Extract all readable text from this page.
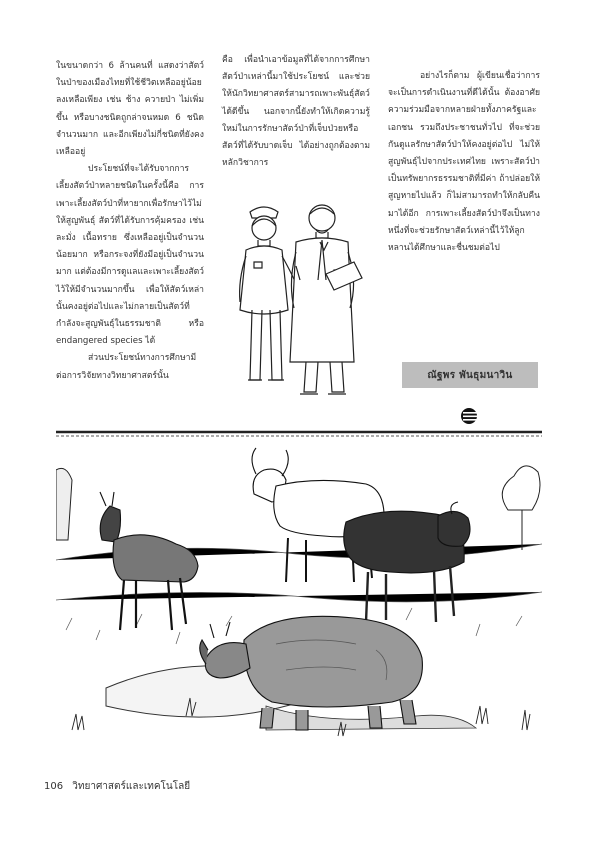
ในขนาดกว่า 6 ล้านคนที่ แสดงว่าสัตว์ในป่าของเมืองไทยที่ใช้ชีวิตเหลืออยู่น้อยลงเหลือเพียง เช่น ช้าง ควายป่า ไม่เพิ่มขึ้น หรือบางชนิดถูกล่าจนหมด 6 ชนิด จำนวนมาก และอีกเพียงไม่กี่ชนิดที่ยังคงเหลืออยู่

ประโยชน์ที่จะได้รับจากการเลี้ยงสัตว์ป่าหลายชนิดในครั้งนี้คือ การเพาะเลี้ยงสัตว์ป่าที่หายากเพื่อรักษาไว้ไม่ให้สูญพันธุ์ สัตว์ที่ได้รับการคุ้มครอง เช่น ละมั่ง เนื้อทราย ซึ่งเหลืออยู่เป็นจำนวนน้อยมาก หรือกระจงที่ยังมีอยู่เป็นจำนวนมาก แต่ต้องมีการดูแลและเพาะเลี้ยงสัตว์ไว้ให้มีจำนวนมากขึ้น เพื่อให้สัตว์เหล่านั้นคงอยู่ต่อไปและไม่กลายเป็นสัตว์ที่กำลังจะสูญพันธุ์ในธรรมชาติ หรือ endangered species ได้

ส่วนประโยชน์ทางการศึกษามีต่อการวิจัยทางวิทยาศาสตร์นั้น

คือ เพื่อนำเอาข้อมูลที่ได้จากการศึกษาสัตว์ป่าเหล่านี้มาใช้ประโยชน์ และช่วยให้นักวิทยาศาสตร์สามารถเพาะพันธุ์สัตว์ได้ดีขึ้น นอกจากนี้ยังทำให้เกิดความรู้ใหม่ในการรักษาสัตว์ป่าที่เจ็บป่วยหรือสัตว์ที่ได้รับบาดเจ็บ ได้อย่างถูกต้องตามหลักวิชาการ

อย่างไรก็ตาม ผู้เขียนเชื่อว่าการจะเป็นการดำเนินงานที่ดีได้นั้น ต้องอาศัยความร่วมมือจากหลายฝ่ายทั้งภาครัฐและเอกชน รวมถึงประชาชนทั่วไป ที่จะช่วยกันดูแลรักษาสัตว์ป่าให้คงอยู่ต่อไป ไม่ให้สูญพันธุ์ไปจากประเทศไทย เพราะสัตว์ป่าเป็นทรัพยากรธรรมชาติที่มีค่า ถ้าปล่อยให้สูญหายไปแล้ว ก็ไม่สามารถทำให้กลับคืนมาได้อีก การเพาะเลี้ยงสัตว์ป่าจึงเป็นทางหนึ่งที่จะช่วยรักษาสัตว์เหล่านี้ไว้ให้ลูกหลานได้ศึกษาและชื่นชมต่อไป

ณัฐพร พันธุมนาวิน
106 วิทยาศาสตร์และเทคโนโลยี
